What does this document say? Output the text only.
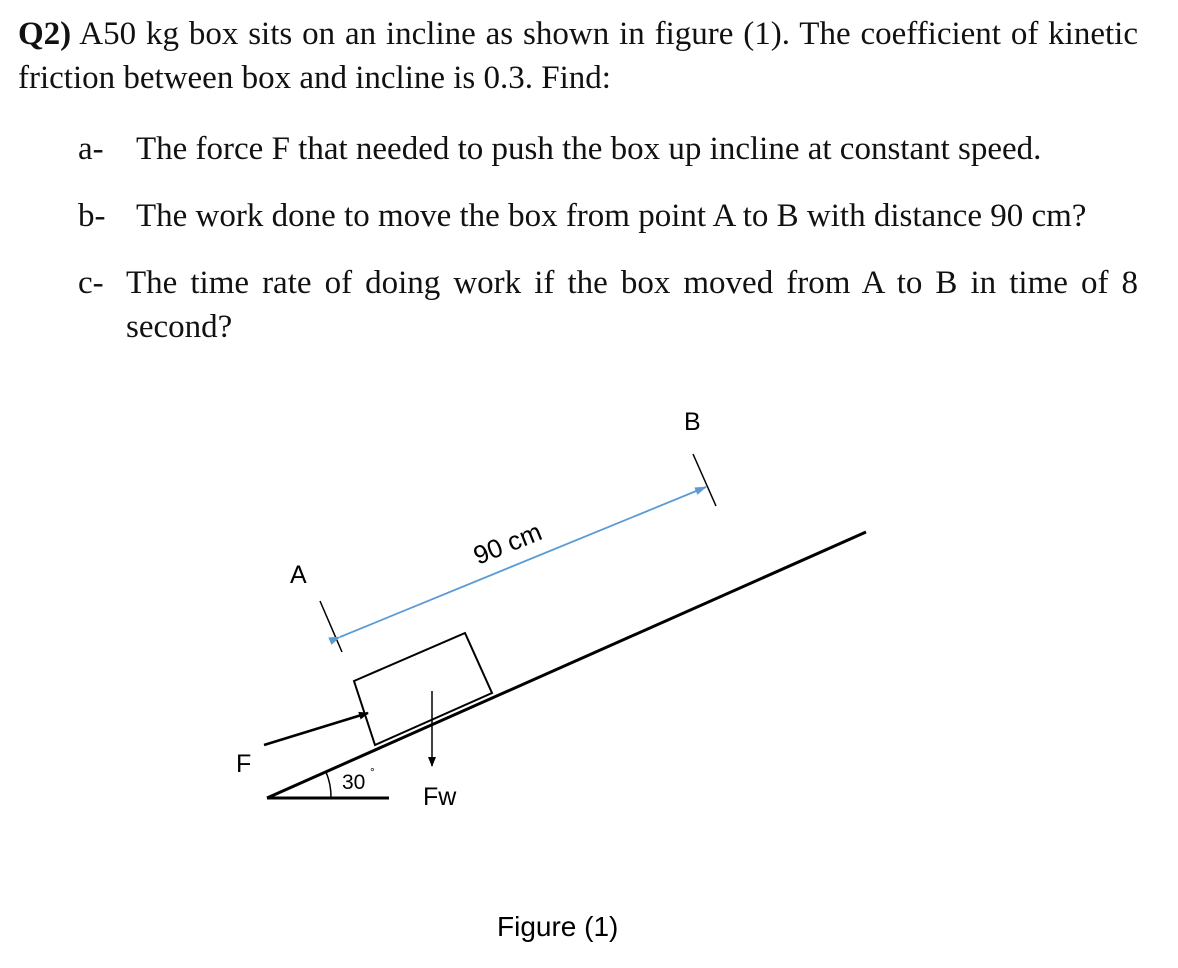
Q2) A50 kg box sits on an incline as shown in figure (1). The coefficient of kinetic friction between box and incline is 0.3. Find:

a- The force F that needed to push the box up incline at constant speed.

b- The work done to move the box from point A to B with distance 90 cm?

c- The time rate of doing work if the box moved from A to B in time of 8 second?

A
B
90 cm
F
30 °
Fw
Figure (1)
